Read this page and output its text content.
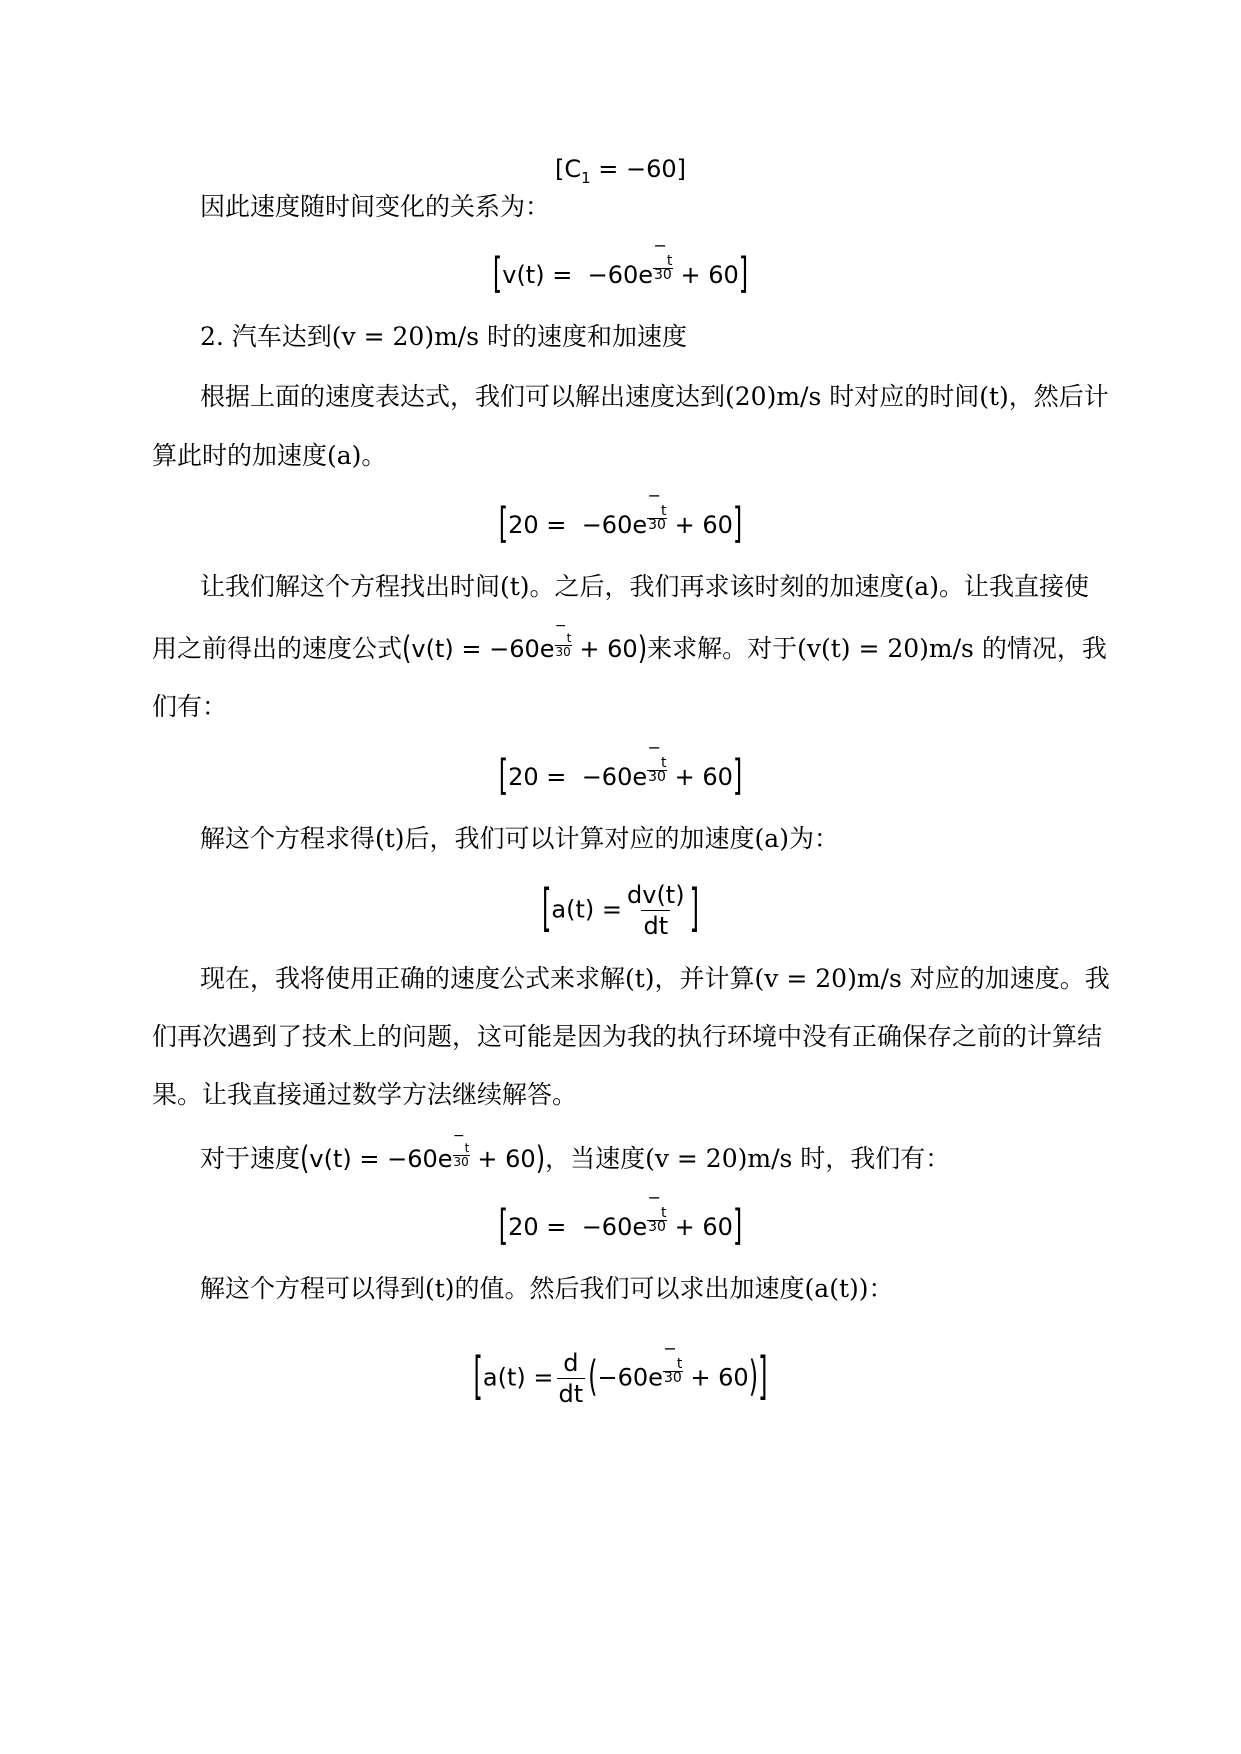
$[C_1 = -60]$
因此速度随时间变化的关系为：
$[v(t) = -60e \frac{-t}{30} + 60]$
2. 汽车达到(v = 20)m/s 时的速度和加速度
根据上面的速度表达式，我们可以解出速度达到(20)m/s 时对应的时间(t)，然后计
算此时的加速度(a)。
$[20 = -60e \frac{-t}{30} + 60]$
让我们解这个方程找出时间(t)。之后，我们再求该时刻的加速度(a)。让我直接使
用之前得出的速度公式$(v(t) = -60e \frac{-t}{30} + 60)$来求解。对于(v(t) = 20)m/s 的情况，我
们有：
$[20 = -60e \frac{-t}{30} + 60]$
解这个方程求得(t)后，我们可以计算对应的加速度(a)为：
[$a(t) = \frac{dv(t)}{dt}$ ]
现在，我将使用正确的速度公式来求解(t)，并计算(v = 20)m/s 对应的加速度。我
们再次遇到了技术上的问题，这可能是因为我的执行环境中没有正确保存之前的计算结
果。让我直接通过数学方法继续解答。
对于速度$(v(t) = -60e \frac{-t}{30} + 60)$，当速度(v = 20)m/s 时，我们有：
$[20 = -60e \frac{-t}{30} + 60]$
解这个方程可以得到(t)的值。然后我们可以求出加速度(a(t))：
$[a(t) = \frac{d}{dt} (-60e \frac{-t}{30} + 60)]$
